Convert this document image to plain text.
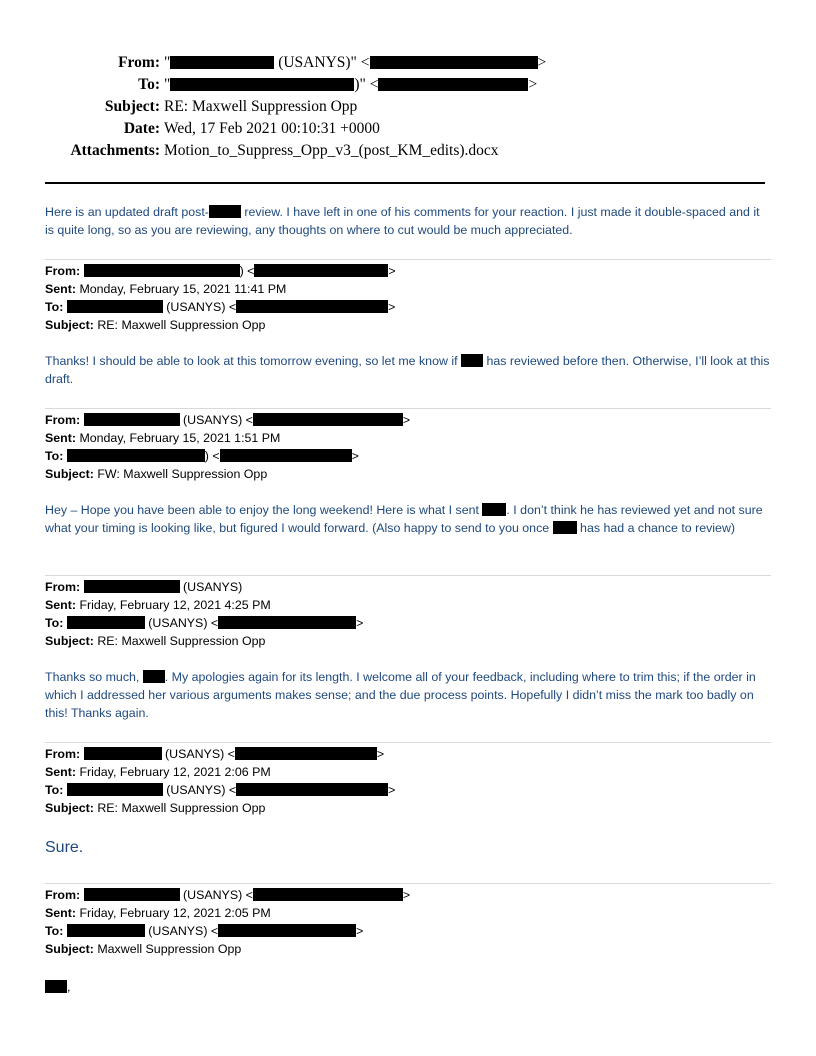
From: "	(USANYS)" <	>
To: "	)" <	>
Subject: RE: Maxwell Suppression Opp
Date: Wed, 17 Feb 2021 00:10:31 +0000
Attachments: Motion_to_Suppress_Opp_v3_(post_KM_edits).docx
Here is an updated draft post-	review. I have left in one of his comments for your reaction. I just made it double-spaced and it is quite long, so as you are reviewing, any thoughts on where to cut would be much appreciated.
From:	) <	>
Sent: Monday, February 15, 2021 11:41 PM
To:	(USANYS) <	>
Subject: RE: Maxwell Suppression Opp
Thanks! I should be able to look at this tomorrow evening, so let me know if  has reviewed before then. Otherwise, I’ll look at this draft.
From:	(USANYS) <	>
Sent: Monday, February 15, 2021 1:51 PM
To:	) <	>
Subject: FW: Maxwell Suppression Opp
Hey – Hope you have been able to enjoy the long weekend! Here is what I sent . I don’t think he has reviewed yet and not sure what your timing is looking like, but figured I would forward. (Also happy to send to you once  has had a chance to review)
From:	(USANYS)
Sent: Friday, February 12, 2021 4:25 PM
To:	(USANYS) <	>
Subject: RE: Maxwell Suppression Opp
Thanks so much, . My apologies again for its length. I welcome all of your feedback, including where to trim this; if the order in which I addressed her various arguments makes sense; and the due process points. Hopefully I didn’t miss the mark too badly on this! Thanks again.
From:	(USANYS) <	>
Sent: Friday, February 12, 2021 2:06 PM
To:	(USANYS) <	>
Subject: RE: Maxwell Suppression Opp
Sure.
From:	(USANYS) <	>
Sent: Friday, February 12, 2021 2:05 PM
To:	(USANYS) <	>
Subject: Maxwell Suppression Opp
,
